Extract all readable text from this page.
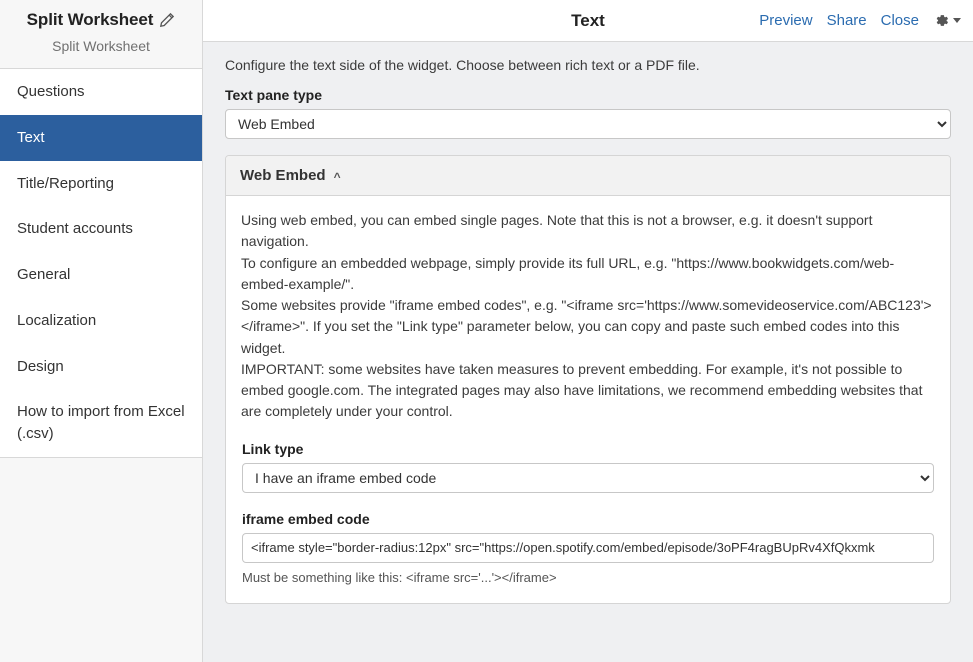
Split Worksheet
Split Worksheet
Questions
Text
Title/Reporting
Student accounts
General
Localization
Design
How to import from Excel (.csv)
Text	Preview Share Close
Configure the text side of the widget. Choose between rich text or a PDF file.
Text pane type
Web Embed
Web Embed ^

Using web embed, you can embed single pages. Note that this is not a browser, e.g. it doesn't support navigation.

To configure an embedded webpage, simply provide its full URL, e.g. "https://www.bookwidgets.com/web-embed-example/".

Some websites provide "iframe embed codes", e.g. "<iframe src='https://www.somevideoservice.com/ABC123'></iframe>". If you set the "Link type" parameter below, you can copy and paste such embed codes into this widget.

IMPORTANT: some websites have taken measures to prevent embedding. For example, it's not possible to embed google.com. The integrated pages may also have limitations, we recommend embedding websites that are completely under your control.

Link type
I have an iframe embed code
iframe embed code
<iframe style="border-radius:12px" src="https://open.spotify.com/embed/episode/3oPF4ragBUpRv4XfQkxmk
Must be something like this: <iframe src='...'></iframe>
